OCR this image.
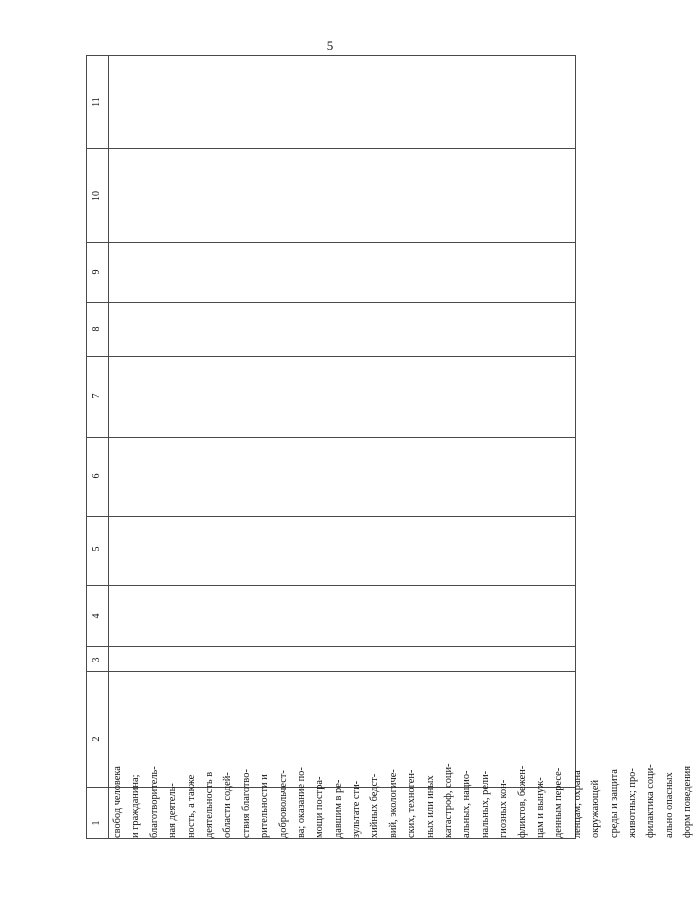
5
1
2
3
4
5
6
7
8
9
10
11
свобод человека и гражданина; благотворитель- ная деятель- ность, а также деятельность в области содей- ствия благотво- рительности и добровольчест- ва; оказание по- мощи постра- давшим в ре- зультате сти- хийных бедст- вий, экологиче- ских, техноген- ных или иных катастроф, соци- альных, нацио- нальных, рели- гиозных кон- фликтов, бежен- цам и вынуж- денным пересе- ленцам; охрана окружающей среды и защита животных; про- филактика соци- ально опасных форм поведения
